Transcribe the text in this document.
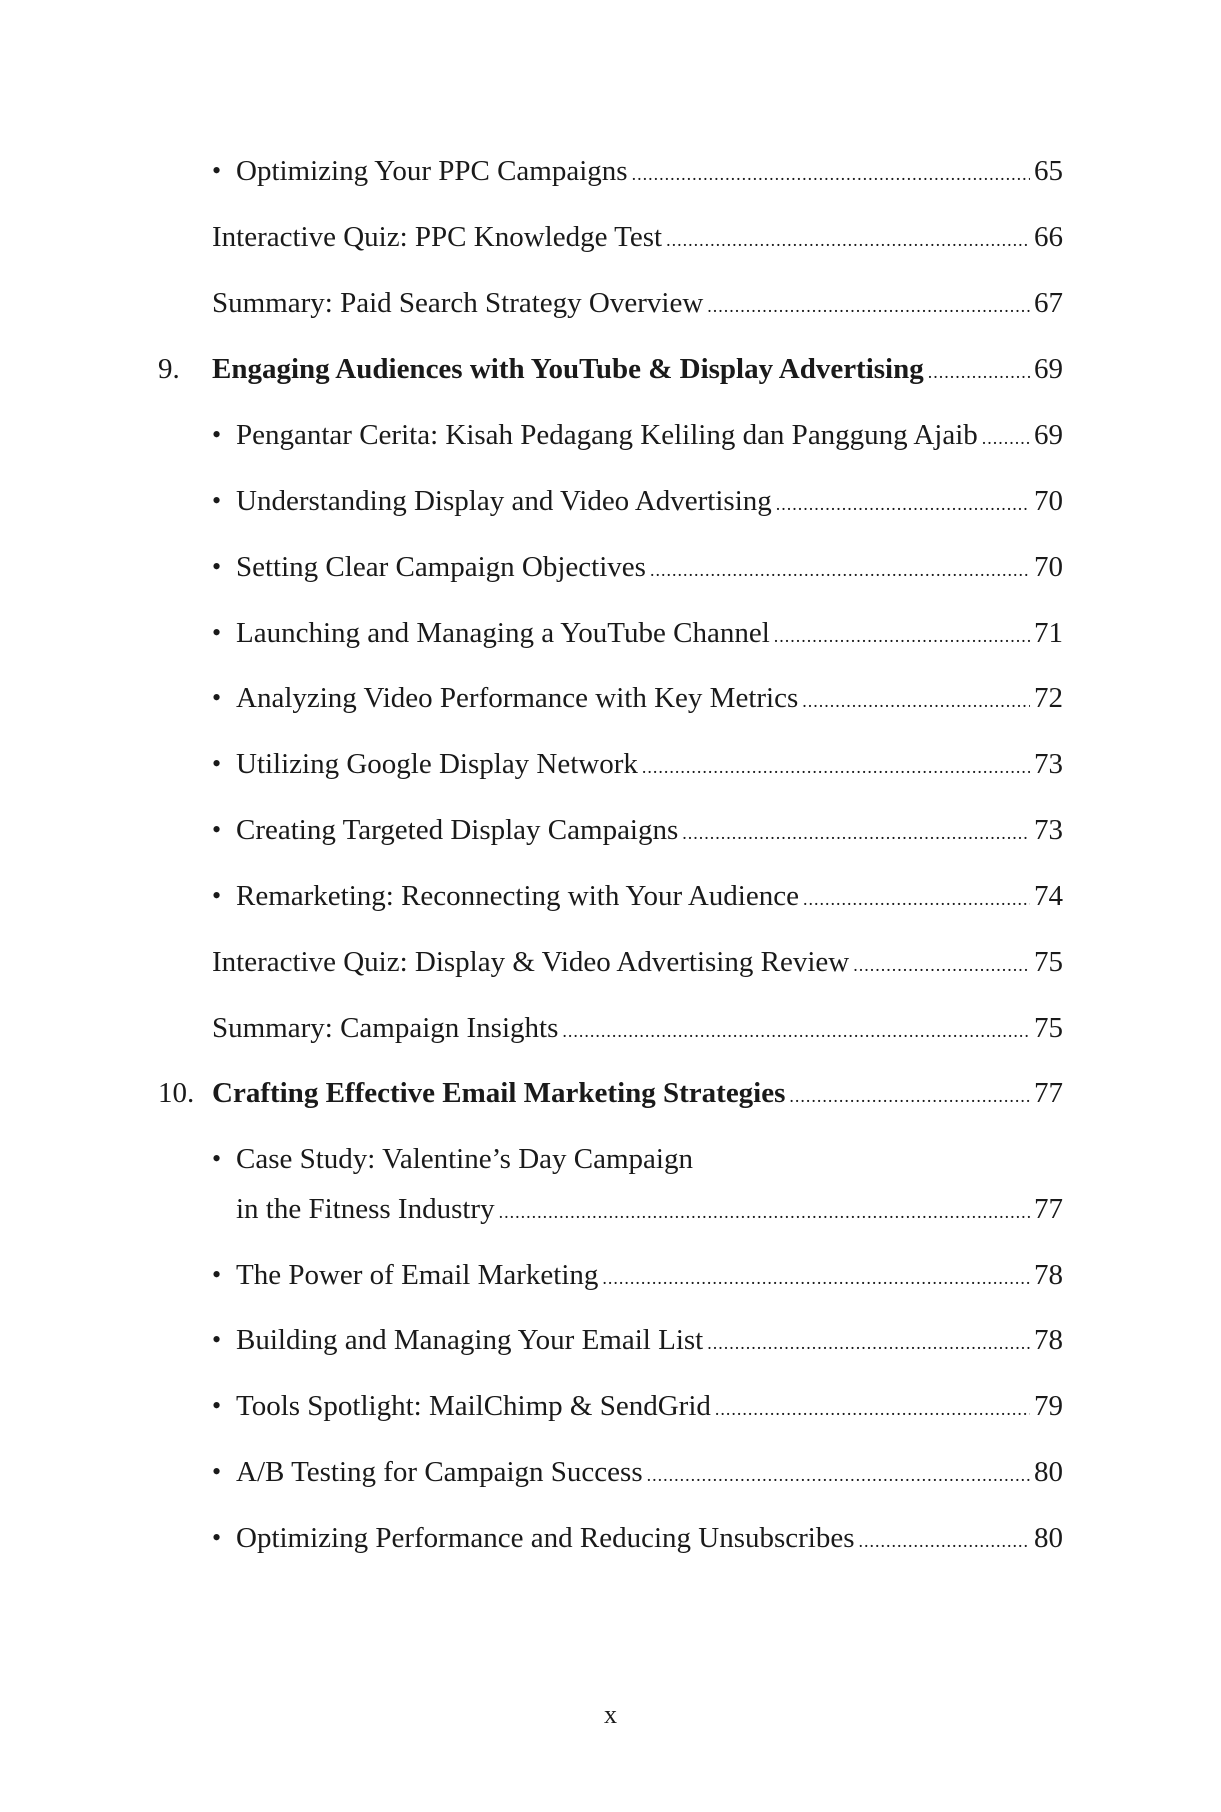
• Optimizing Your PPC Campaigns .....	65
Interactive Quiz: PPC Knowledge Test .....	66
Summary: Paid Search Strategy Overview .....	67
9. Engaging Audiences with YouTube & Display Advertising .....	69
• Pengantar Cerita: Kisah Pedagang Keliling dan Panggung Ajaib ..... 69
• Understanding Display and Video Advertising .....	70
• Setting Clear Campaign Objectives .....	70
• Launching and Managing a YouTube Channel .....	71
• Analyzing Video Performance with Key Metrics .....	72
• Utilizing Google Display Network .....	73
• Creating Targeted Display Campaigns .....	73
• Remarketing: Reconnecting with Your Audience .....	74
Interactive Quiz: Display & Video Advertising Review .....	75
Summary: Campaign Insights .....	75
10. Crafting Effective Email Marketing Strategies .....	77
• Case Study: Valentine’s Day Campaign
in the Fitness Industry .....	77
• The Power of Email Marketing .....	78
• Building and Managing Your Email List .....	78
• Tools Spotlight: MailChimp & SendGrid .....	79
• A/B Testing for Campaign Success .....	80
• Optimizing Performance and Reducing Unsubscribes .....	80
x
